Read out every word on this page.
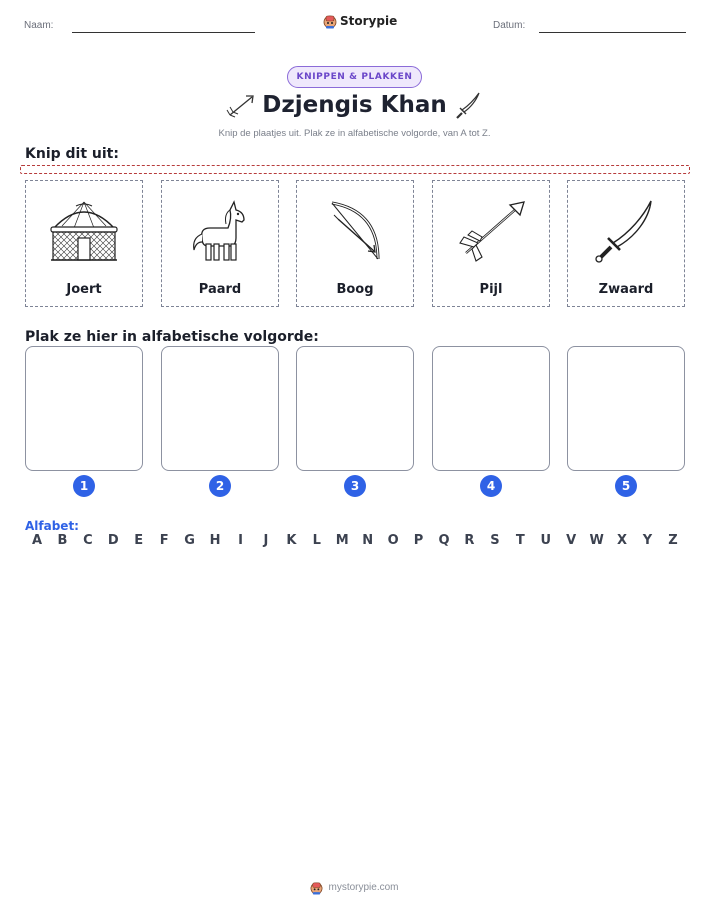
Naam:	Storypie	Datum:
KNIPPEN & PLAKKEN
Dzjengis Khan
Knip de plaatjes uit. Plak ze in alfabetische volgorde, van A tot Z.
Knip dit uit:
Joert	Paard	Boog	Pijl	Zwaard
Plak ze hier in alfabetische volgorde:
1	2	3	4	5
Alfabet:
A	B	C	D	E	F	G	H	I	J	K	L	M	N	O	P	Q	R	S	T	U	V	W	X	Y	Z
mystorypie.com
